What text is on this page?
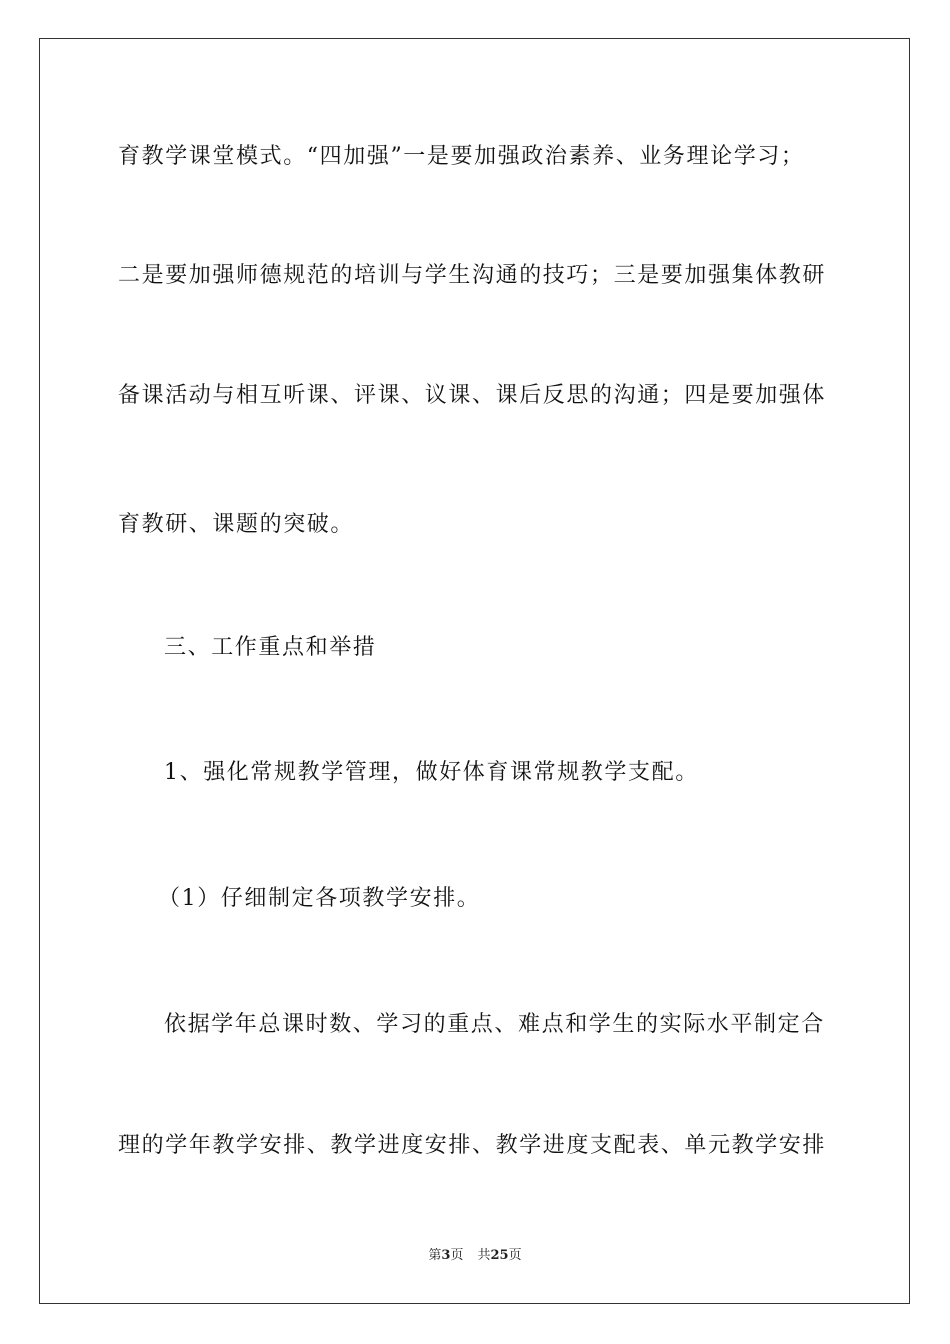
育教学课堂模式。“四加强”一是要加强政治素养、业务理论学习；
二是要加强师德规范的培训与学生沟通的技巧；三是要加强集体教研
备课活动与相互听课、评课、议课、课后反思的沟通；四是要加强体
育教研、课题的突破。
三、工作重点和举措
1、强化常规教学管理，做好体育课常规教学支配。
（1）仔细制定各项教学安排。
依据学年总课时数、学习的重点、难点和学生的实际水平制定合
理的学年教学安排、教学进度安排、教学进度支配表、单元教学安排
第3页 共25页
